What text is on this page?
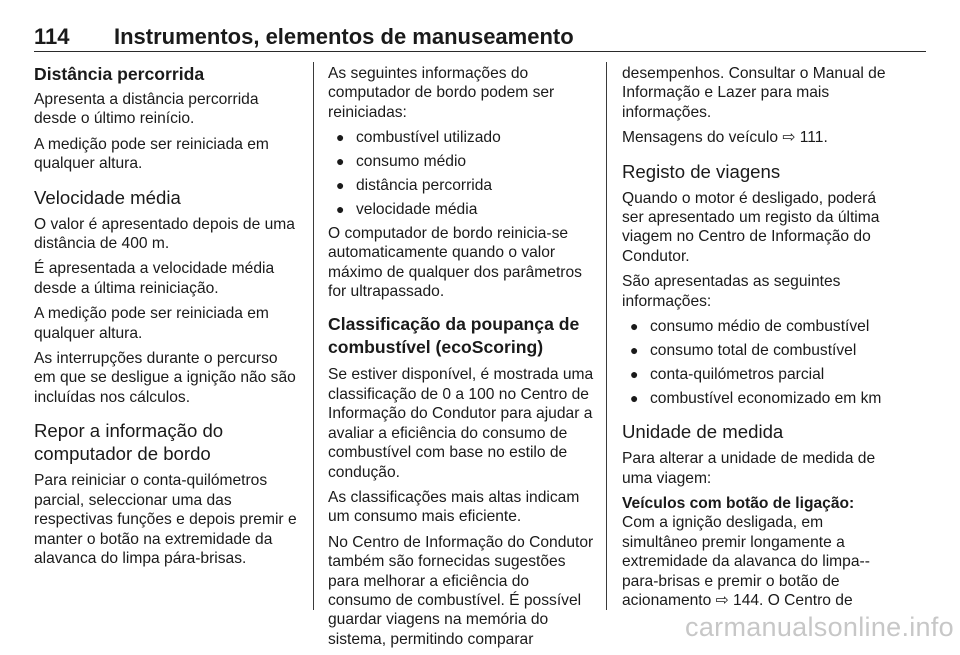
114 Instrumentos, elementos de manuseamento
Distância percorrida

Apresenta a distância percorrida desde o último reinício.

A medição pode ser reiniciada em qualquer altura.

Velocidade média

O valor é apresentado depois de uma distância de 400 m.

É apresentada a velocidade média desde a última reiniciação.

A medição pode ser reiniciada em qualquer altura.

As interrupções durante o percurso em que se desligue a ignição não são incluídas nos cálculos.

Repor a informação do computador de bordo

Para reiniciar o conta-quilómetros parcial, seleccionar uma das respectivas funções e depois premir e manter o botão na extremidade da alavanca do limpa pára-brisas.

As seguintes informações do computador de bordo podem ser reiniciadas:

● combustível utilizado
● consumo médio
● distância percorrida
● velocidade média

O computador de bordo reinicia-se automaticamente quando o valor máximo de qualquer dos parâmetros for ultrapassado.

Classificação da poupança de combustível (ecoScoring)

Se estiver disponível, é mostrada uma classificação de 0 a 100 no Centro de Informação do Condutor para ajudar a avaliar a eficiência do consumo de combustível com base no estilo de condução.

As classificações mais altas indicam um consumo mais eficiente.

No Centro de Informação do Condutor também são fornecidas sugestões para melhorar a eficiência do consumo de combustível. É possível guardar viagens na memória do sistema, permitindo comparar

desempenhos. Consultar o Manual de Informação e Lazer para mais informações.

Mensagens do veículo ⇨ 111.

Registo de viagens

Quando o motor é desligado, poderá ser apresentado um registo da última viagem no Centro de Informação do Condutor.

São apresentadas as seguintes informações:

● consumo médio de combustível
● consumo total de combustível
● conta-quilómetros parcial
● combustível economizado em km
Unidade de medida

Para alterar a unidade de medida de uma viagem:

Veículos com botão de ligação:

Com a ignição desligada, em simultâneo premir longamente a extremidade da alavanca do limpa--para-brisas e premir o botão de acionamento ⇨ 144. O Centro de

carmanualsonline.info
